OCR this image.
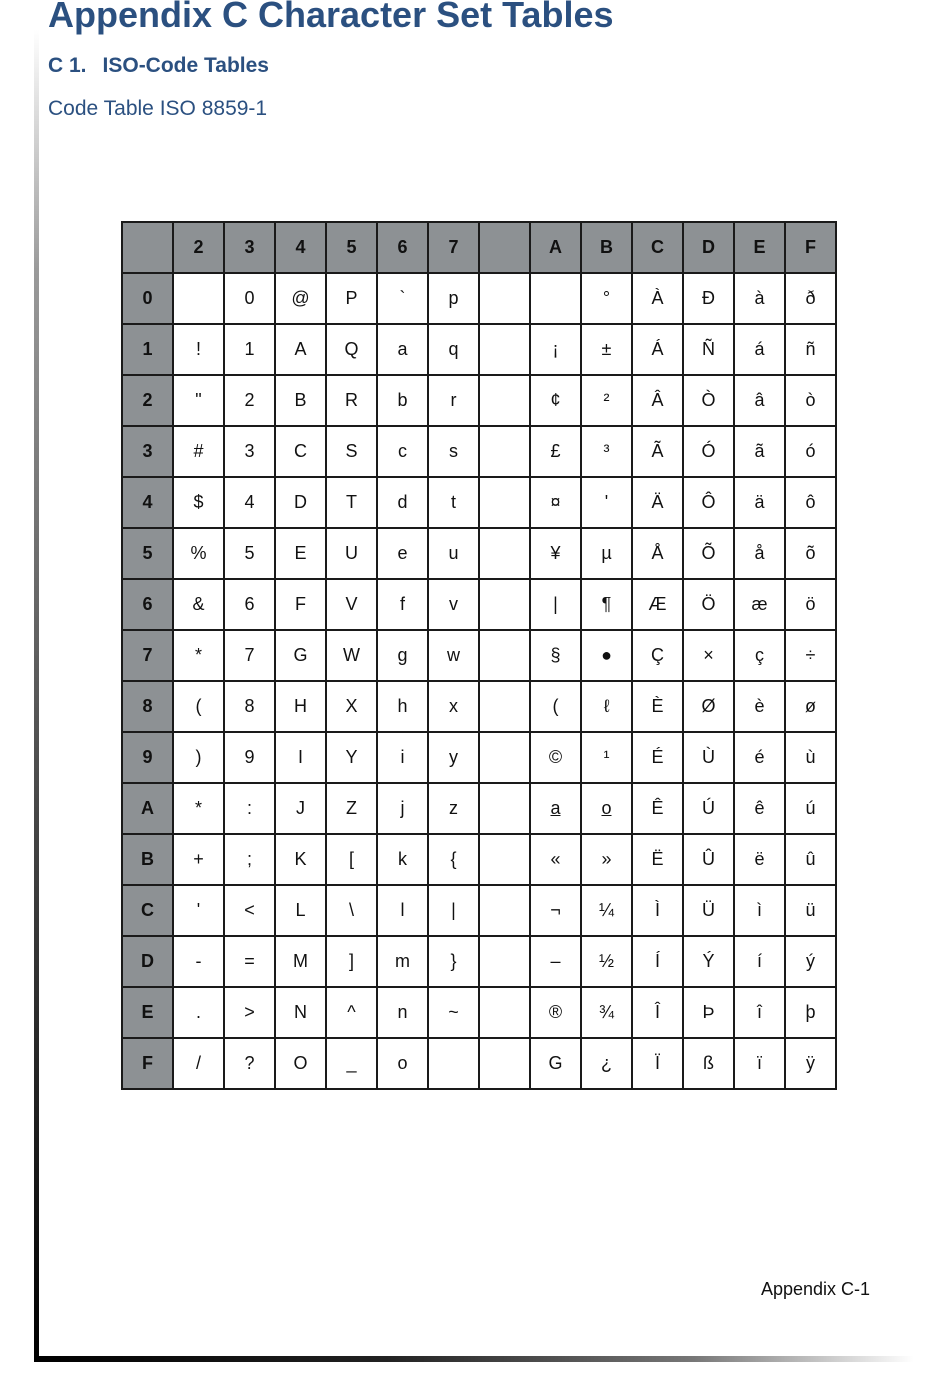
Appendix C Character Set Tables
C 1. ISO-Code Tables
Code Table ISO 8859-1
	2	3	4	5	6	7		A	B	C	D	E	F
0		0	@	P	`	p			°	À	Đ	à	ð
1	!	1	A	Q	a	q		¡	±	Á	Ñ	á	ñ
2	"	2	B	R	b	r		¢	²	Â	Ò	â	ò
3	#	3	C	S	c	s		£	³	Ã	Ó	ã	ó
4	$	4	D	T	d	t		¤	'	Ä	Ô	ä	ô
5	%	5	E	U	e	u		¥	µ	Å	Õ	å	õ
6	&	6	F	V	f	v		|	¶	Æ	Ö	æ	ö
7	*	7	G	W	g	w		§	●	Ç	×	ç	÷
8	(	8	H	X	h	x		(	ℓ	È	Ø	è	ø
9	)	9	I	Y	i	y		©	¹	É	Ù	é	ù
A	*	:	J	Z	j	z		a	o	Ê	Ú	ê	ú
B	+	;	K	[	k	{		«	»	Ë	Û	ë	û
C	'	<	L	\	l	|		¬	¼	Ì	Ü	ì	ü
D	-	=	M	]	m	}		–	½	Í	Ý	í	ý
E	.	>	N	^	n	~		®	¾	Î	Þ	î	þ
F	/	?	O	_	o			G	¿	Ï	ß	ï	ÿ
Appendix C-1
